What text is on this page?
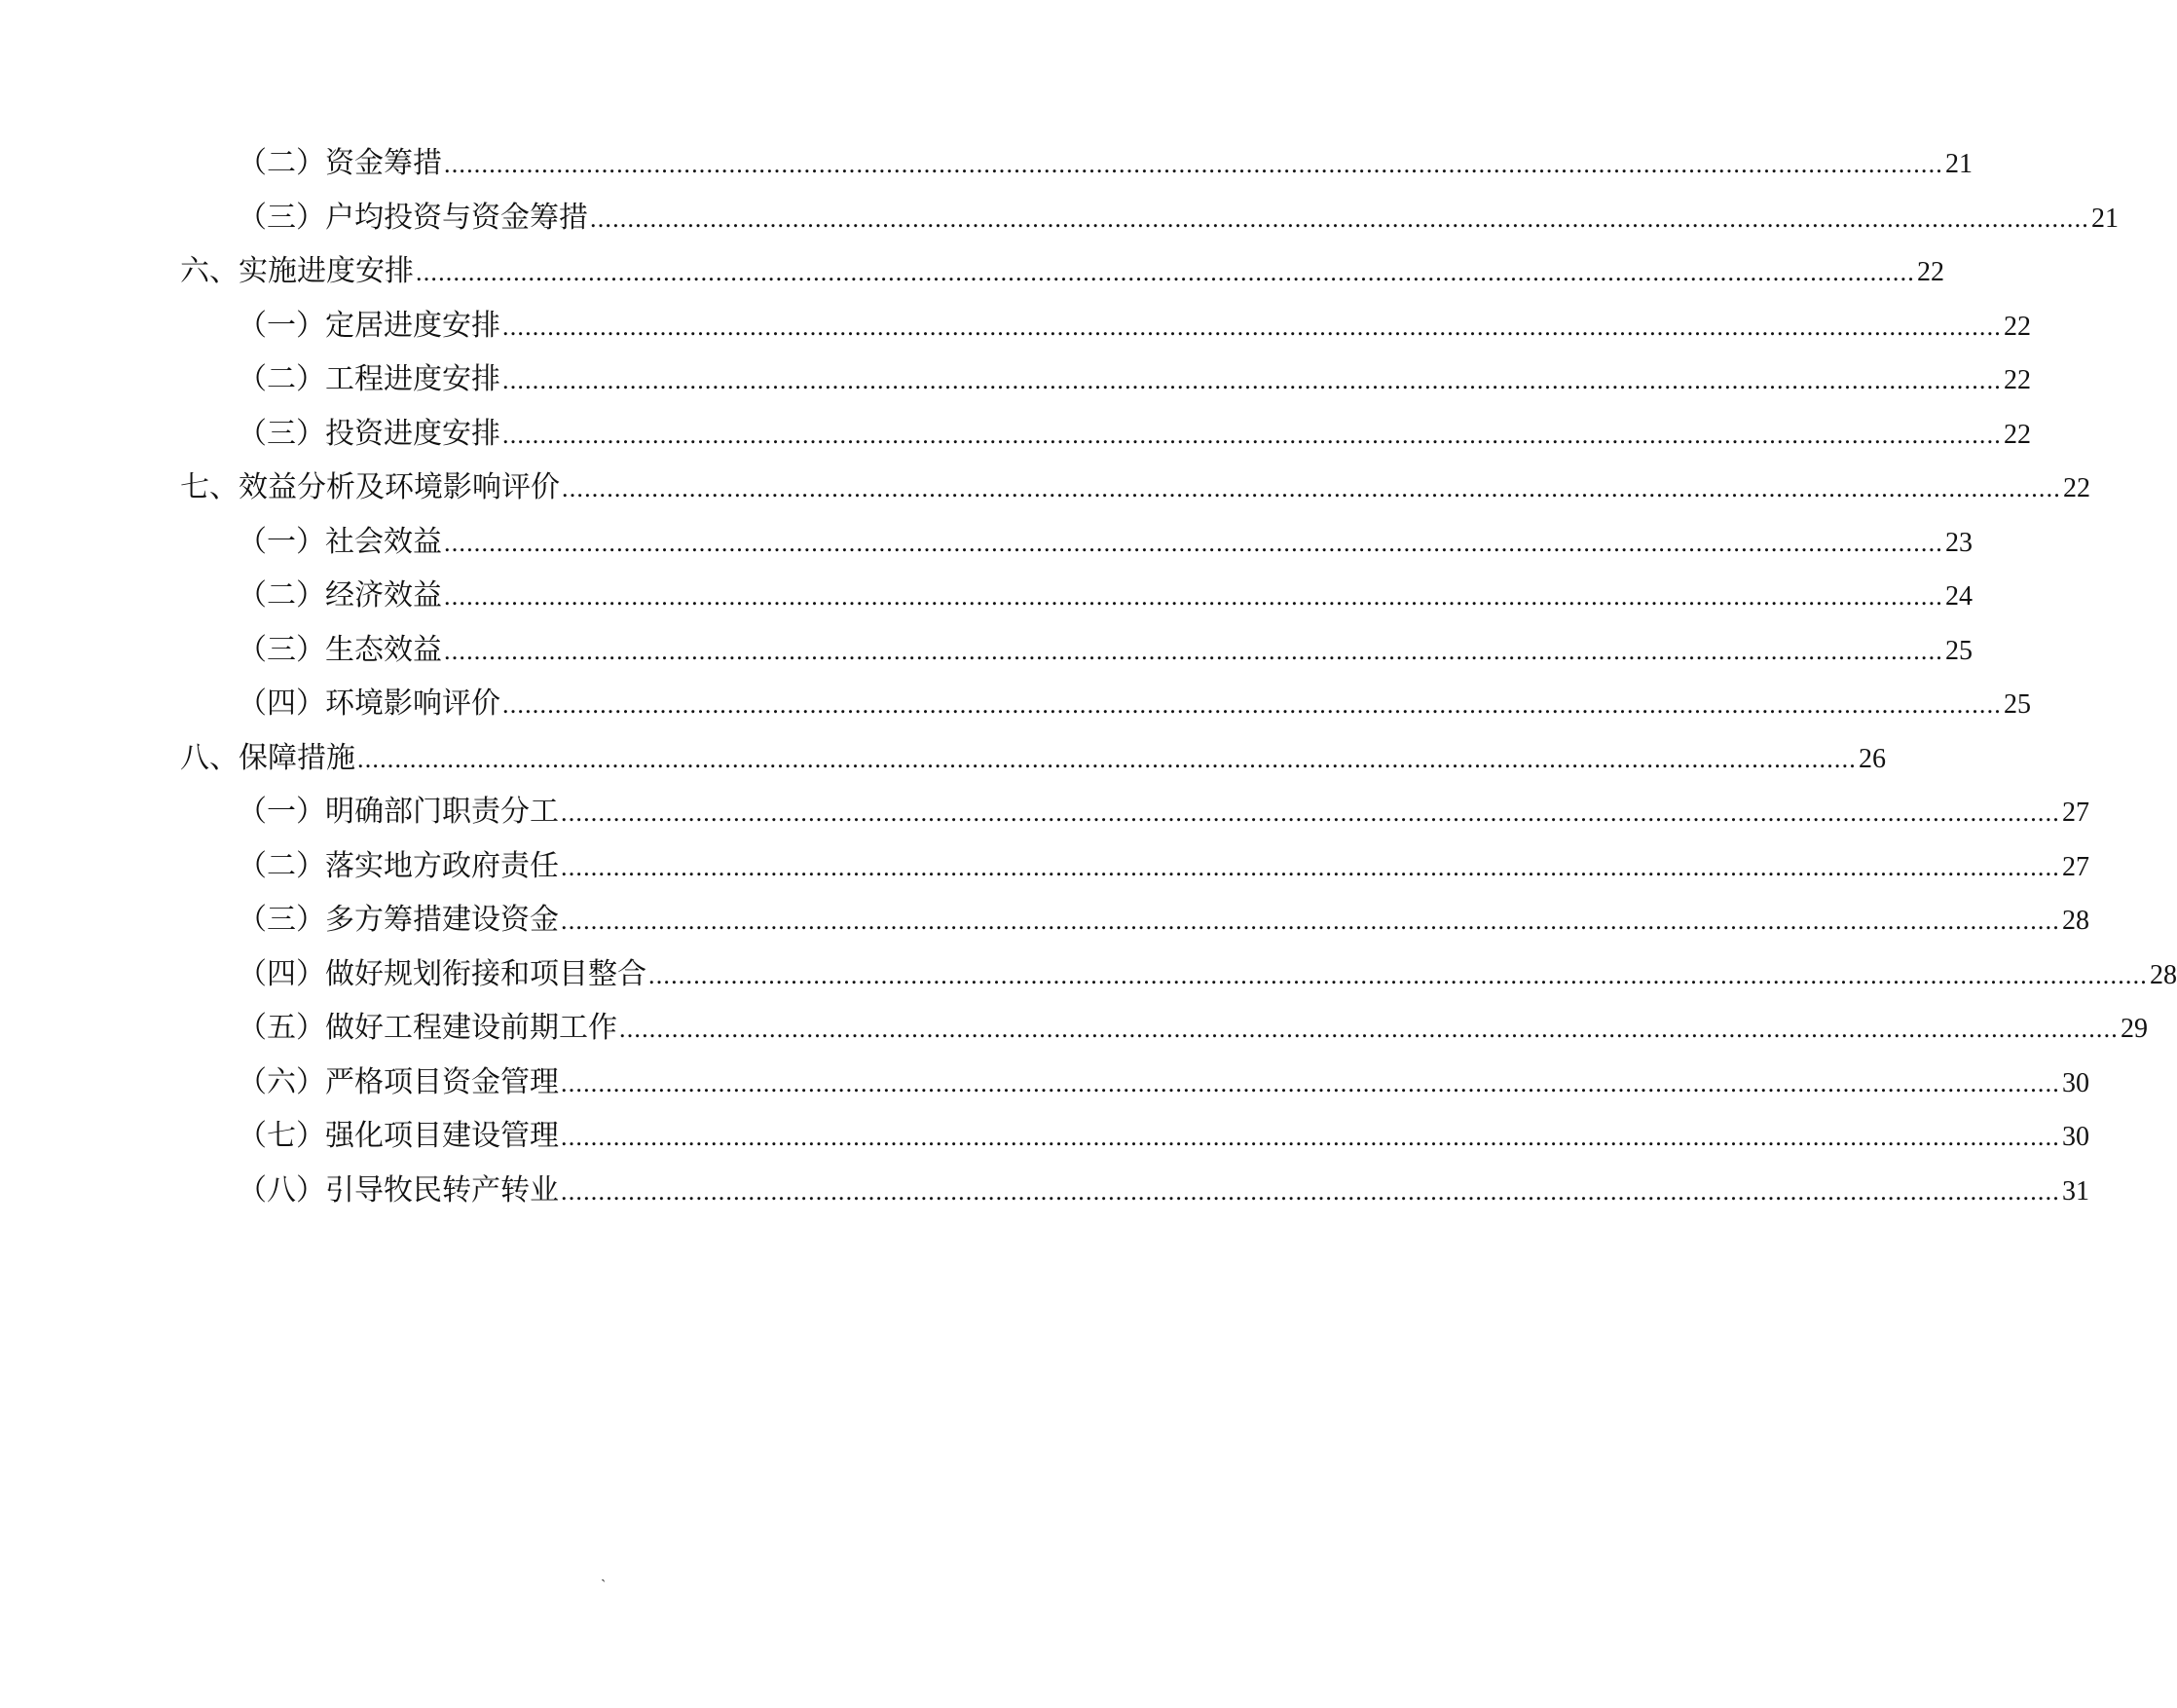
（二）资金筹措 ........................................................................................................................................................................................................ 21
（三）户均投资与资金筹措 ........................................................................................................................................................................................................ 21
六、实施进度安排 ........................................................................................................................................................................................................ 22
（一）定居进度安排 ........................................................................................................................................................................................................ 22
（二）工程进度安排 ........................................................................................................................................................................................................ 22
（三）投资进度安排 ........................................................................................................................................................................................................ 22
七、效益分析及环境影响评价 ........................................................................................................................................................................................................ 22
（一）社会效益 ........................................................................................................................................................................................................ 23
（二）经济效益 ........................................................................................................................................................................................................ 24
（三）生态效益 ........................................................................................................................................................................................................ 25
（四）环境影响评价 ........................................................................................................................................................................................................ 25
八、保障措施 ........................................................................................................................................................................................................ 26
（一）明确部门职责分工 ........................................................................................................................................................................................................ 27
（二）落实地方政府责任 ........................................................................................................................................................................................................ 27
（三）多方筹措建设资金 ........................................................................................................................................................................................................ 28
（四）做好规划衔接和项目整合 ........................................................................................................................................................................................................ 28
（五）做好工程建设前期工作 ........................................................................................................................................................................................................ 29
（六）严格项目资金管理 ........................................................................................................................................................................................................ 30
（七）强化项目建设管理 ........................................................................................................................................................................................................ 30
（八）引导牧民转产转业 ........................................................................................................................................................................................................ 31
`
